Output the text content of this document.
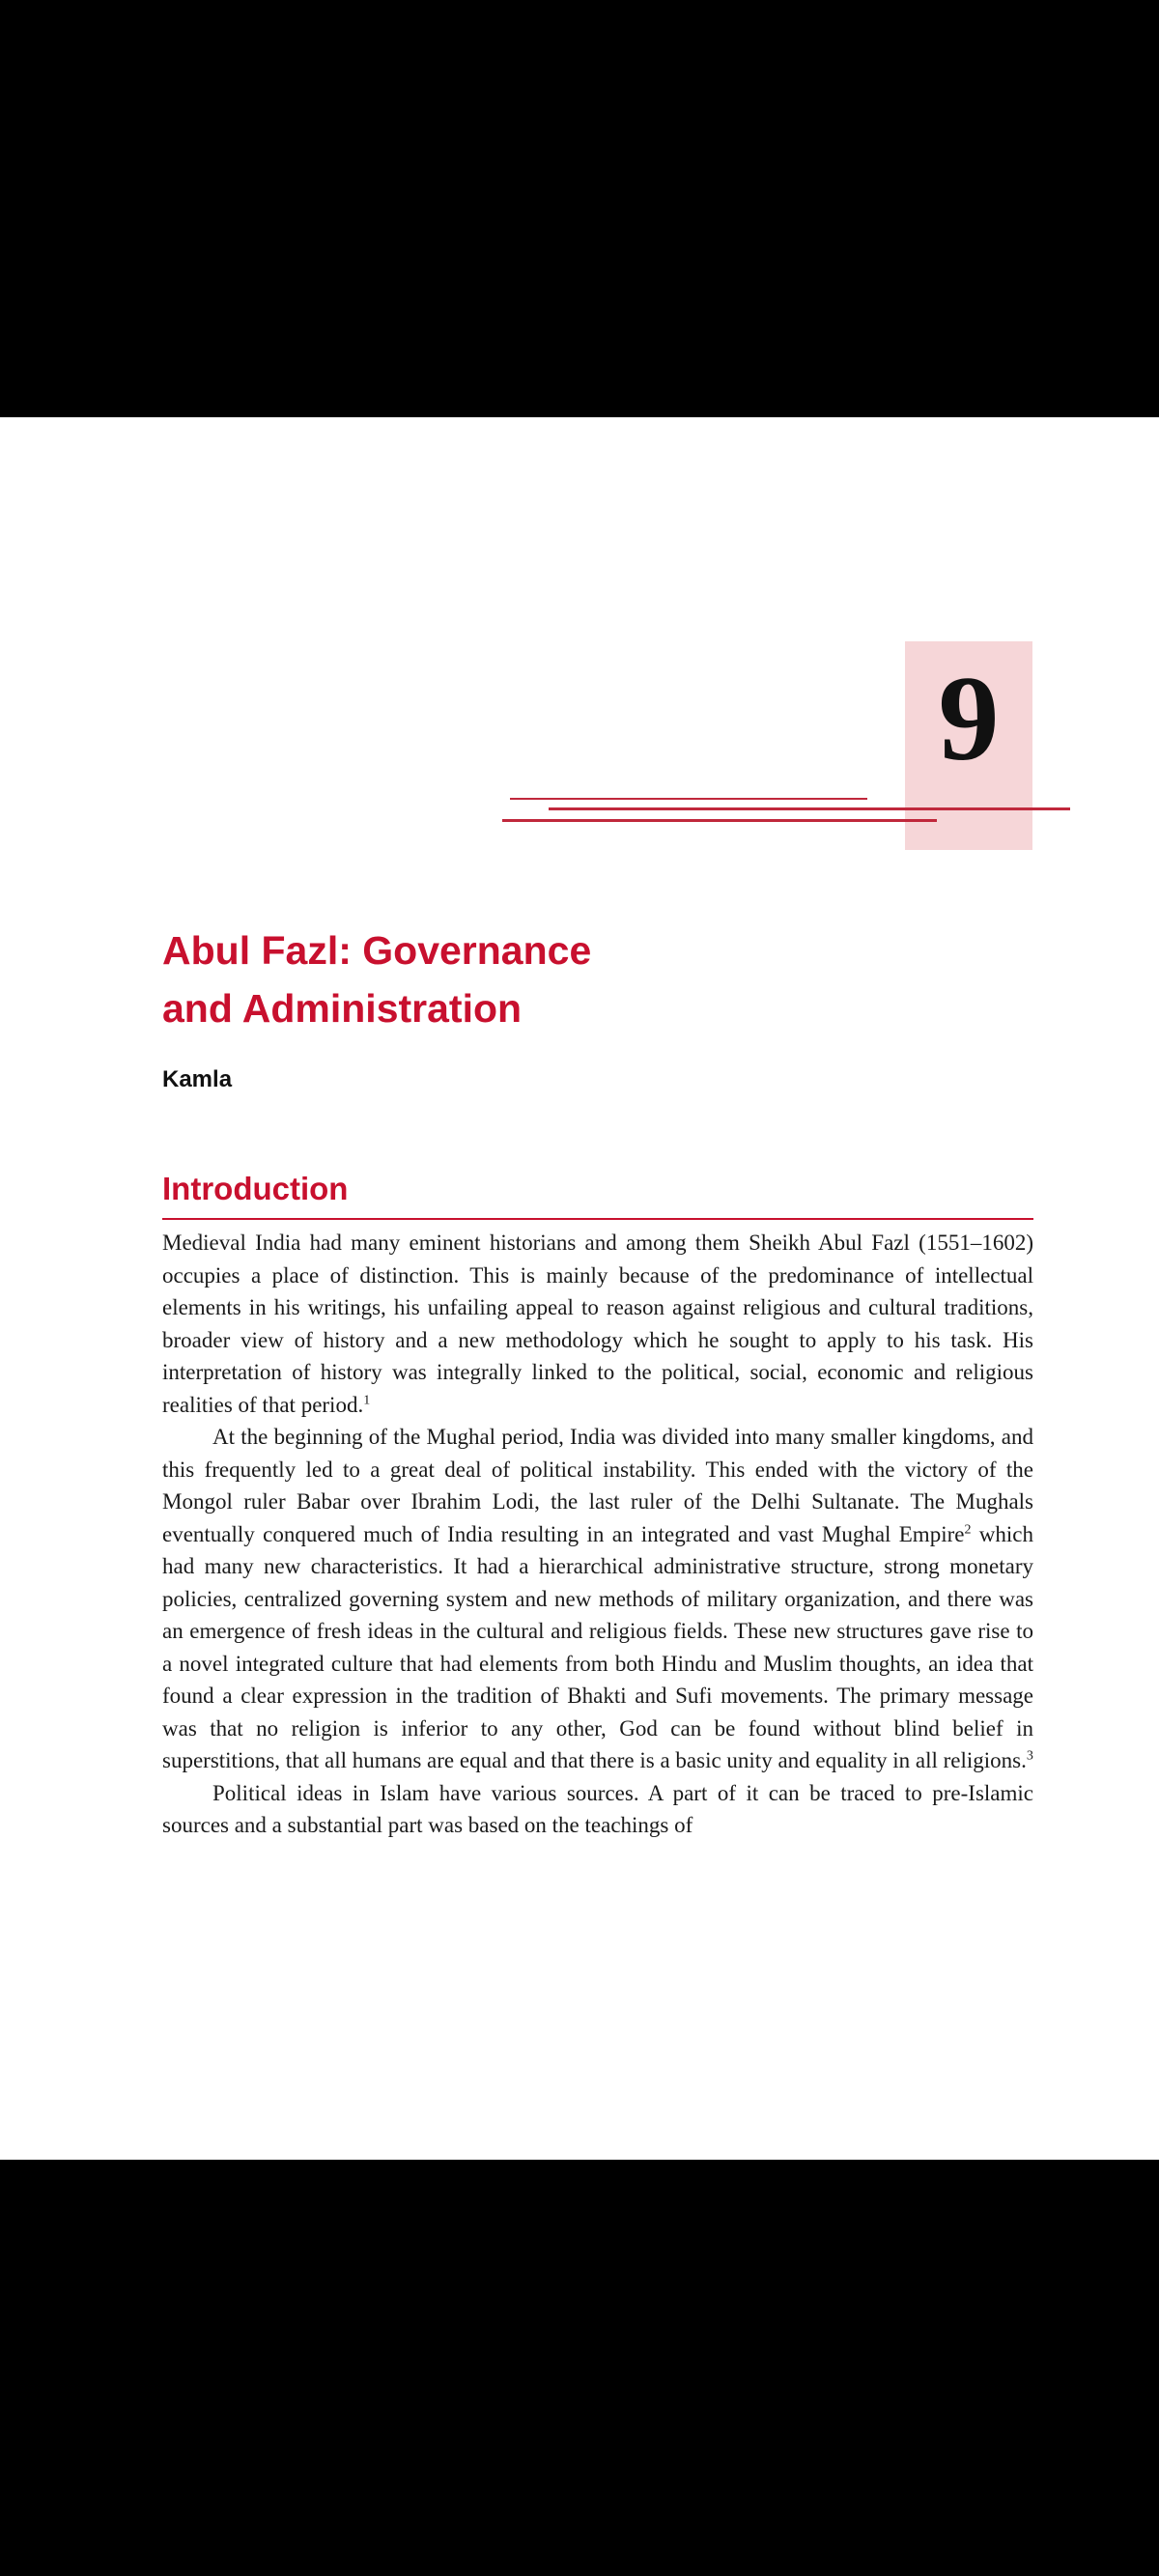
9
Abul Fazl: Governance
and Administration
Kamla
Introduction

Medieval India had many eminent historians and among them Sheikh Abul Fazl (1551–1602) occupies a place of distinction. This is mainly because of the predominance of intellectual elements in his writings, his unfailing appeal to reason against religious and cultural traditions, broader view of history and a new methodology which he sought to apply to his task. His interpretation of history was integrally linked to the political, social, economic and religious realities of that period.$^1$

At the beginning of the Mughal period, India was divided into many smaller kingdoms, and this frequently led to a great deal of political instability. This ended with the victory of the Mongol ruler Babar over Ibrahim Lodi, the last ruler of the Delhi Sultanate. The Mughals eventually conquered much of India resulting in an integrated and vast Mughal Empire$^2$ which had many new characteristics. It had a hierarchical administrative structure, strong monetary policies, centralized governing system and new methods of military organization, and there was an emergence of fresh ideas in the cultural and religious fields. These new structures gave rise to a novel integrated culture that had elements from both Hindu and Muslim thoughts, an idea that found a clear expression in the tradition of Bhakti and Sufi movements. The primary message was that no religion is inferior to any other, God can be found without blind belief in superstitions, that all humans are equal and that there is a basic unity and equality in all religions.$^3$

Political ideas in Islam have various sources. A part of it can be traced to pre-Islamic sources and a substantial part was based on the teachings of
